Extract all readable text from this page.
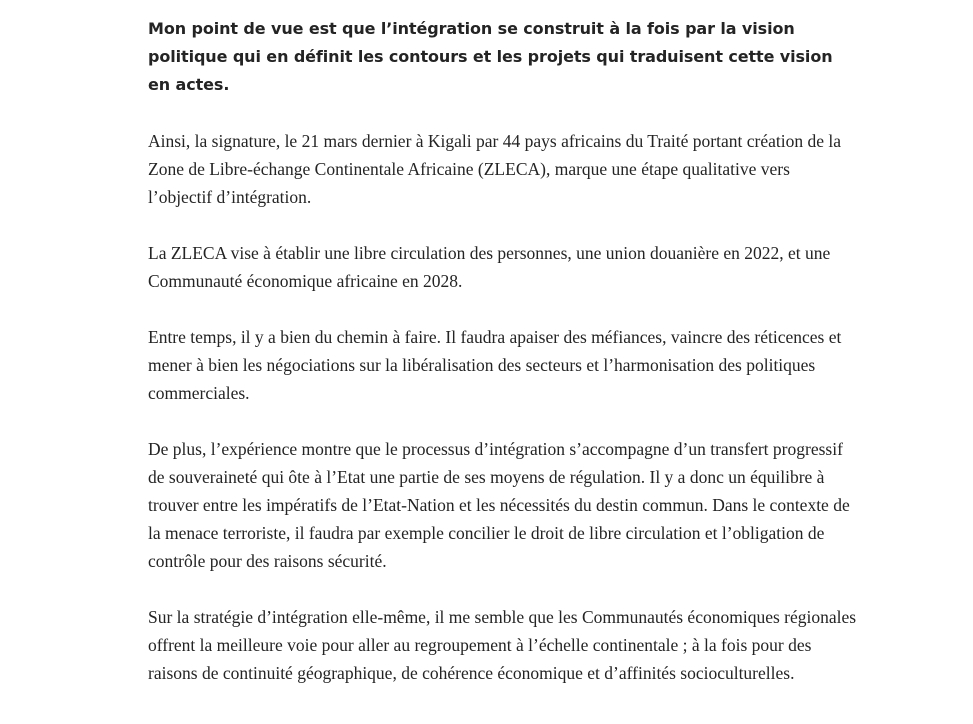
Mon point de vue est que l’intégration se construit à la fois par la vision politique qui en définit les contours et les projets qui traduisent cette vision en actes.

Ainsi, la signature, le 21 mars dernier à Kigali par 44 pays africains du Traité portant création de la Zone de Libre-échange Continentale Africaine (ZLECA), marque une étape qualitative vers l’objectif d’intégration.

La ZLECA vise à établir une libre circulation des personnes, une union douanière en 2022, et une Communauté économique africaine en 2028.

Entre temps, il y a bien du chemin à faire. Il faudra apaiser des méfiances, vaincre des réticences et mener à bien les négociations sur la libéralisation des secteurs et l’harmonisation des politiques commerciales.

De plus, l’expérience montre que le processus d’intégration s’accompagne d’un transfert progressif de souveraineté qui ôte à l’Etat une partie de ses moyens de régulation. Il y a donc un équilibre à trouver entre les impératifs de l’Etat-Nation et les nécessités du destin commun. Dans le contexte de la menace terroriste, il faudra par exemple concilier le droit de libre circulation et l’obligation de contrôle pour des raisons sécurité.

Sur la stratégie d’intégration elle-même, il me semble que les Communautés économiques régionales offrent la meilleure voie pour aller au regroupement à l’échelle continentale ; à la fois pour des raisons de continuité géographique, de cohérence économique et d’affinités socioculturelles.
